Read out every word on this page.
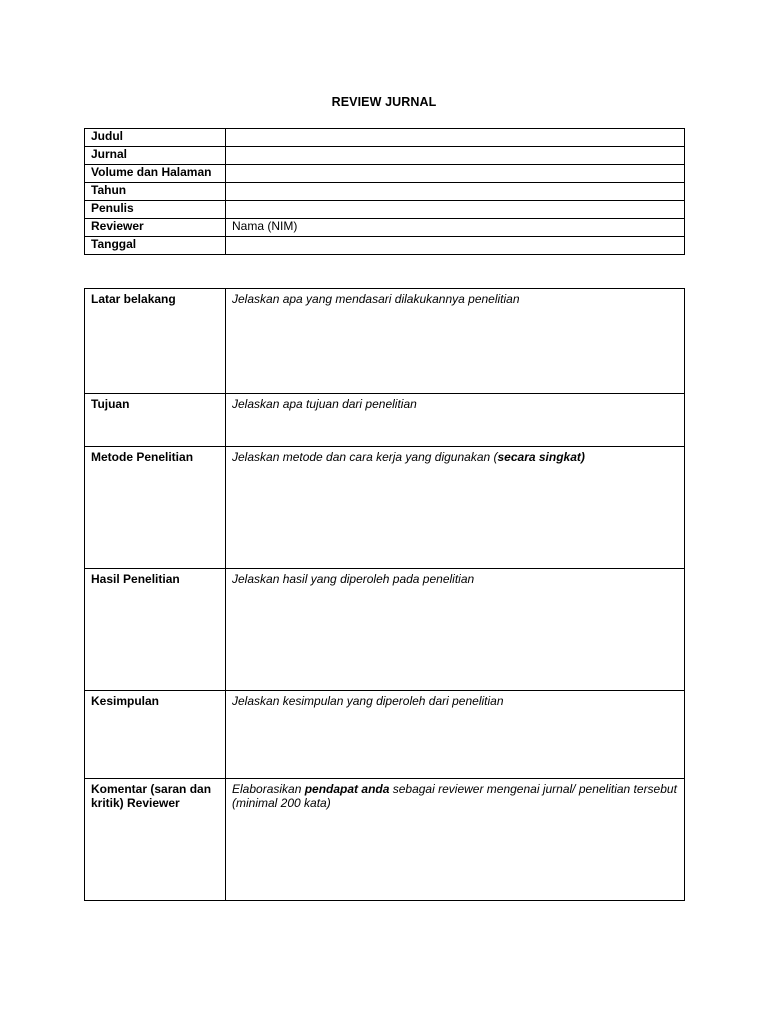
REVIEW JURNAL
Judul	
Jurnal	
Volume dan Halaman	
Tahun	
Penulis	
Reviewer	Nama (NIM)
Tanggal	
Latar belakang	Jelaskan apa yang mendasari dilakukannya penelitian
Tujuan	Jelaskan apa tujuan dari penelitian
Metode Penelitian	Jelaskan metode dan cara kerja yang digunakan (secara singkat)
Hasil Penelitian	Jelaskan hasil yang diperoleh pada penelitian
Kesimpulan	Jelaskan kesimpulan yang diperoleh dari penelitian
Komentar (saran dan kritik) Reviewer	Elaborasikan pendapat anda sebagai reviewer mengenai jurnal/ penelitian tersebut (minimal 200 kata)
